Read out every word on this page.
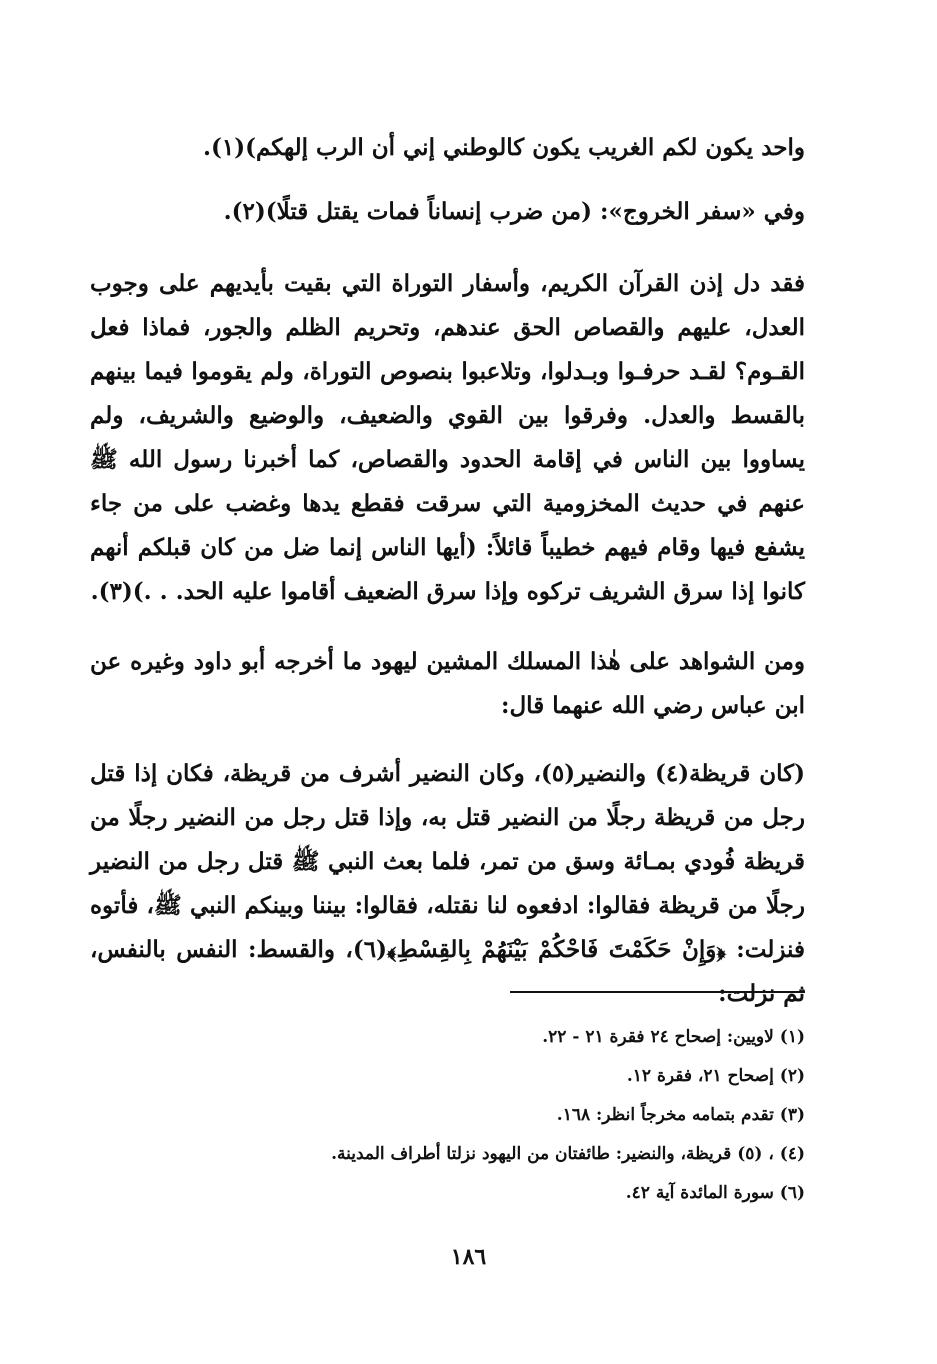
واحد يكون لكم الغريب يكون كالوطني إني أن الرب إلهكم)(١).
وفي «سفر الخروج»: (من ضرب إنساناً فمات يقتل قتلًا)(٢).
فقد دل إذن القرآن الكريم، وأسفار التوراة التي بقيت بأيديهم على وجوب العدل، عليهم والقصاص الحق عندهم، وتحريم الظلم والجور، فماذا فعل القـوم؟ لقـد حرفـوا وبـدلوا، وتلاعبوا بنصوص التوراة، ولم يقوموا فيما بينهم بالقسط والعدل. وفرقوا بين القوي والضعيف، والوضيع والشريف، ولم يساووا بين الناس في إقامة الحدود والقصاص، كما أخبرنا رسول الله ﷺ عنهم في حديث المخزومية التي سرقت فقطع يدها وغضب على من جاء يشفع فيها وقام فيهم خطيباً قائلاً: (أيها الناس إنما ضل من كان قبلكم أنهم كانوا إذا سرق الشريف تركوه وإذا سرق الضعيف أقاموا عليه الحد. . .)(٣).
ومن الشواهد على هٰذا المسلك المشين ليهود ما أخرجه أبو داود وغيره عن ابن عباس رضي الله عنهما قال:
(كان قريظة(٤) والنضير(٥)، وكان النضير أشرف من قريظة، فكان إذا قتل رجل من قريظة رجلًا من النضير قتل به، وإذا قتل رجل من النضير رجلًا من قريظة فُودي بمـائة وسق من تمر، فلما بعث النبي ﷺ قتل رجل من النضير رجلًا من قريظة فقالوا: ادفعوه لنا نقتله، فقالوا: بيننا وبينكم النبي ﷺ، فأتوه فنزلت: ﴿وَإِنْ حَكَمْتَ فَاحْكُمْ بَيْنَهُمْ بِالقِسْطِ﴾(٦)، والقسط: النفس بالنفس، ثم نزلت:
(١) لاويين: إصحاح ٢٤ فقرة ٢١ - ٢٢.
(٢) إصحاح ٢١، فقرة ١٢.
(٣) تقدم بتمامه مخرجاً انظر: ١٦٨.
(٤) ، (٥) قريظة، والنضير: طائفتان من اليهود نزلتا أطراف المدينة.
(٦) سورة المائدة آية ٤٢.
١٨٦
